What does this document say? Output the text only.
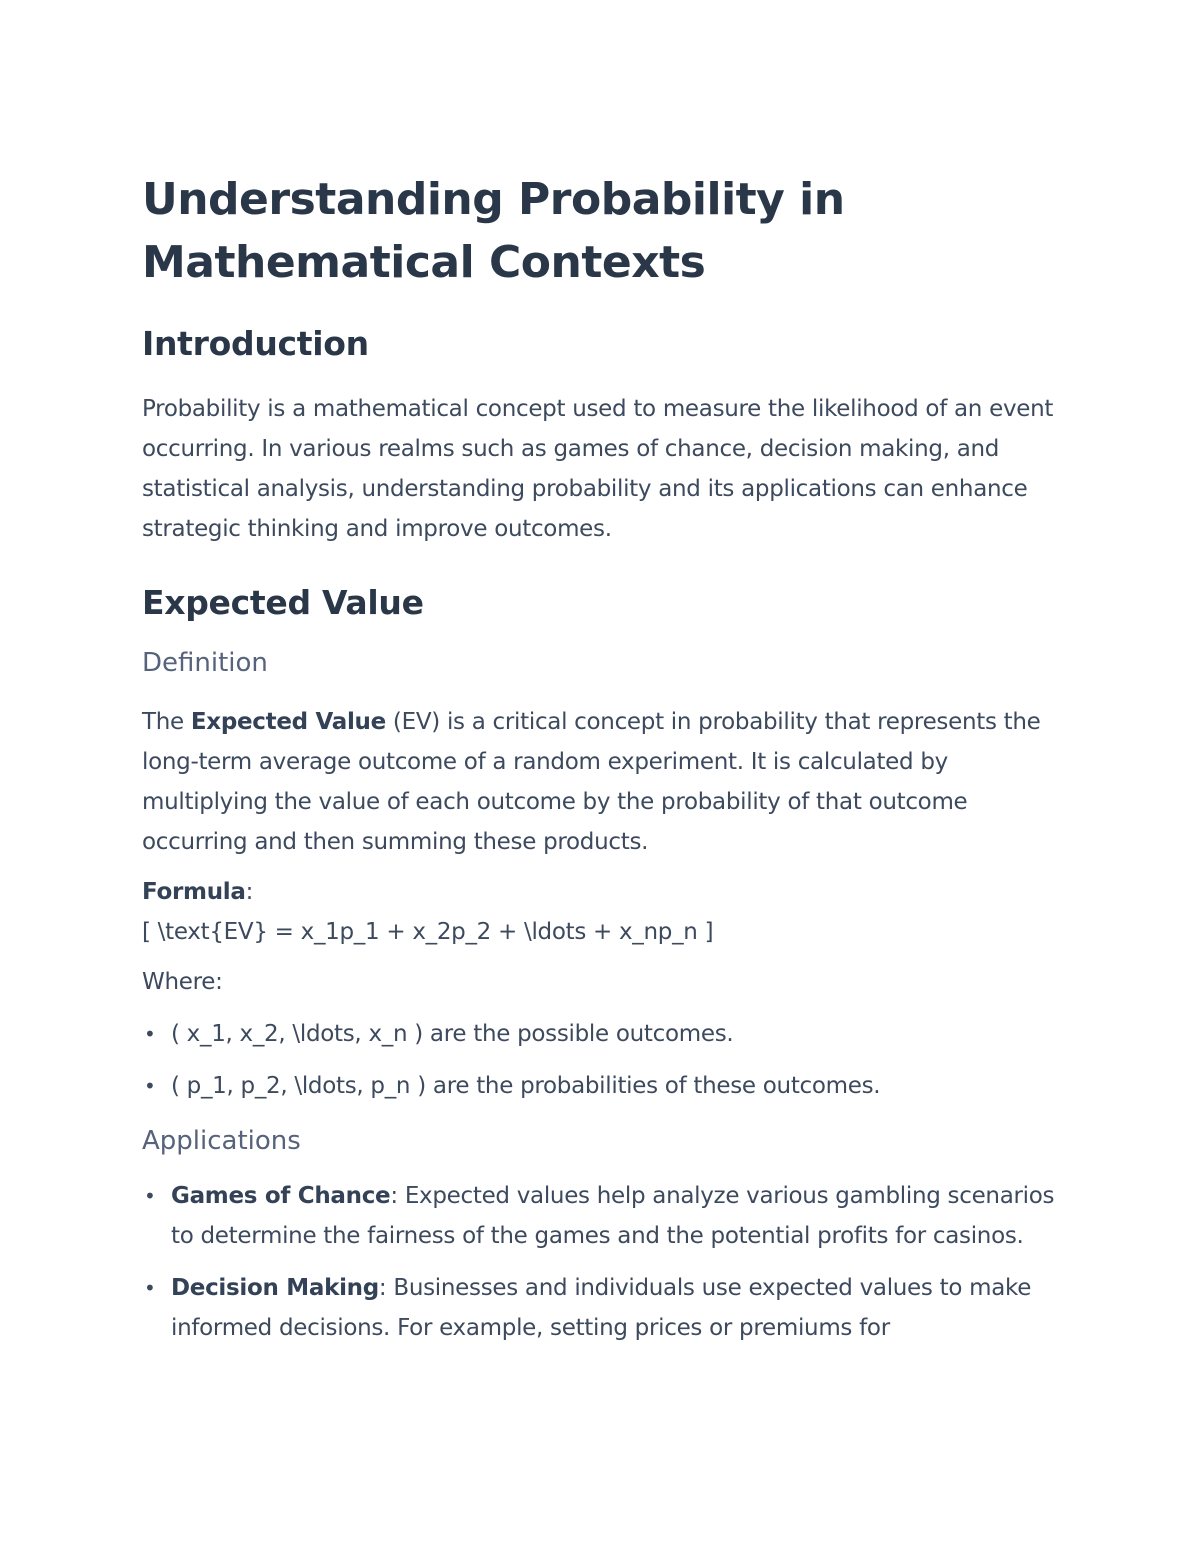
Understanding Probability in Mathematical Contexts
Introduction

Probability is a mathematical concept used to measure the likelihood of an event occurring. In various realms such as games of chance, decision making, and statistical analysis, understanding probability and its applications can enhance strategic thinking and improve outcomes.

Expected Value
Definition

The Expected Value (EV) is a critical concept in probability that represents the long-term average outcome of a random experiment. It is calculated by multiplying the value of each outcome by the probability of that outcome occurring and then summing these products.

Formula:
[ \text{EV} = x_1p_1 + x_2p_2 + \ldots + x_np_n ]

Where:

• ( x_1, x_2, \ldots, x_n ) are the possible outcomes.
• ( p_1, p_2, \ldots, p_n ) are the probabilities of these outcomes.
Applications
• Games of Chance: Expected values help analyze various gambling scenarios to determine the fairness of the games and the potential profits for casinos.
• Decision Making: Businesses and individuals use expected values to make informed decisions. For example, setting prices or premiums for
